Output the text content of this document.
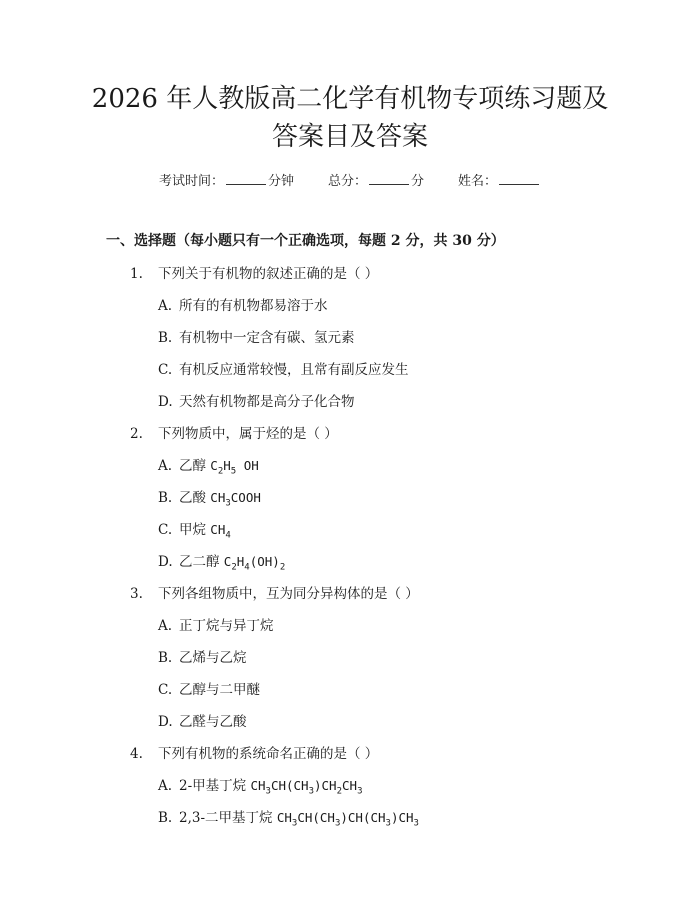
2026 年人教版高二化学有机物专项练习题及
答案目及答案
考试时间：	分钟	总分：	分	姓名：
一、选择题（每小题只有一个正确选项，每题 2 分，共 30 分）
1. 下列关于有机物的叙述正确的是（ ）
A. 所有的有机物都易溶于水
B. 有机物中一定含有碳、氢元素
C. 有机反应通常较慢，且常有副反应发生
D. 天然有机物都是高分子化合物
2. 下列物质中，属于烃的是（ ）
A. 乙醇 $C_2H_5$ OH
B. 乙酸 $CH_3COOH$
C. 甲烷 $CH_4$
D. 乙二醇 $C_2H_4(OH)_2$
3. 下列各组物质中，互为同分异构体的是（ ）
A. 正丁烷与异丁烷
B. 乙烯与乙烷
C. 乙醇与二甲醚
D. 乙醛与乙酸
4. 下列有机物的系统命名正确的是（ ）
A. 2-甲基丁烷 $CH_3CH(CH_3)CH_2CH_3$
B. 2,3-二甲基丁烷 $CH_3CH(CH_3)CH(CH_3)CH_3$
